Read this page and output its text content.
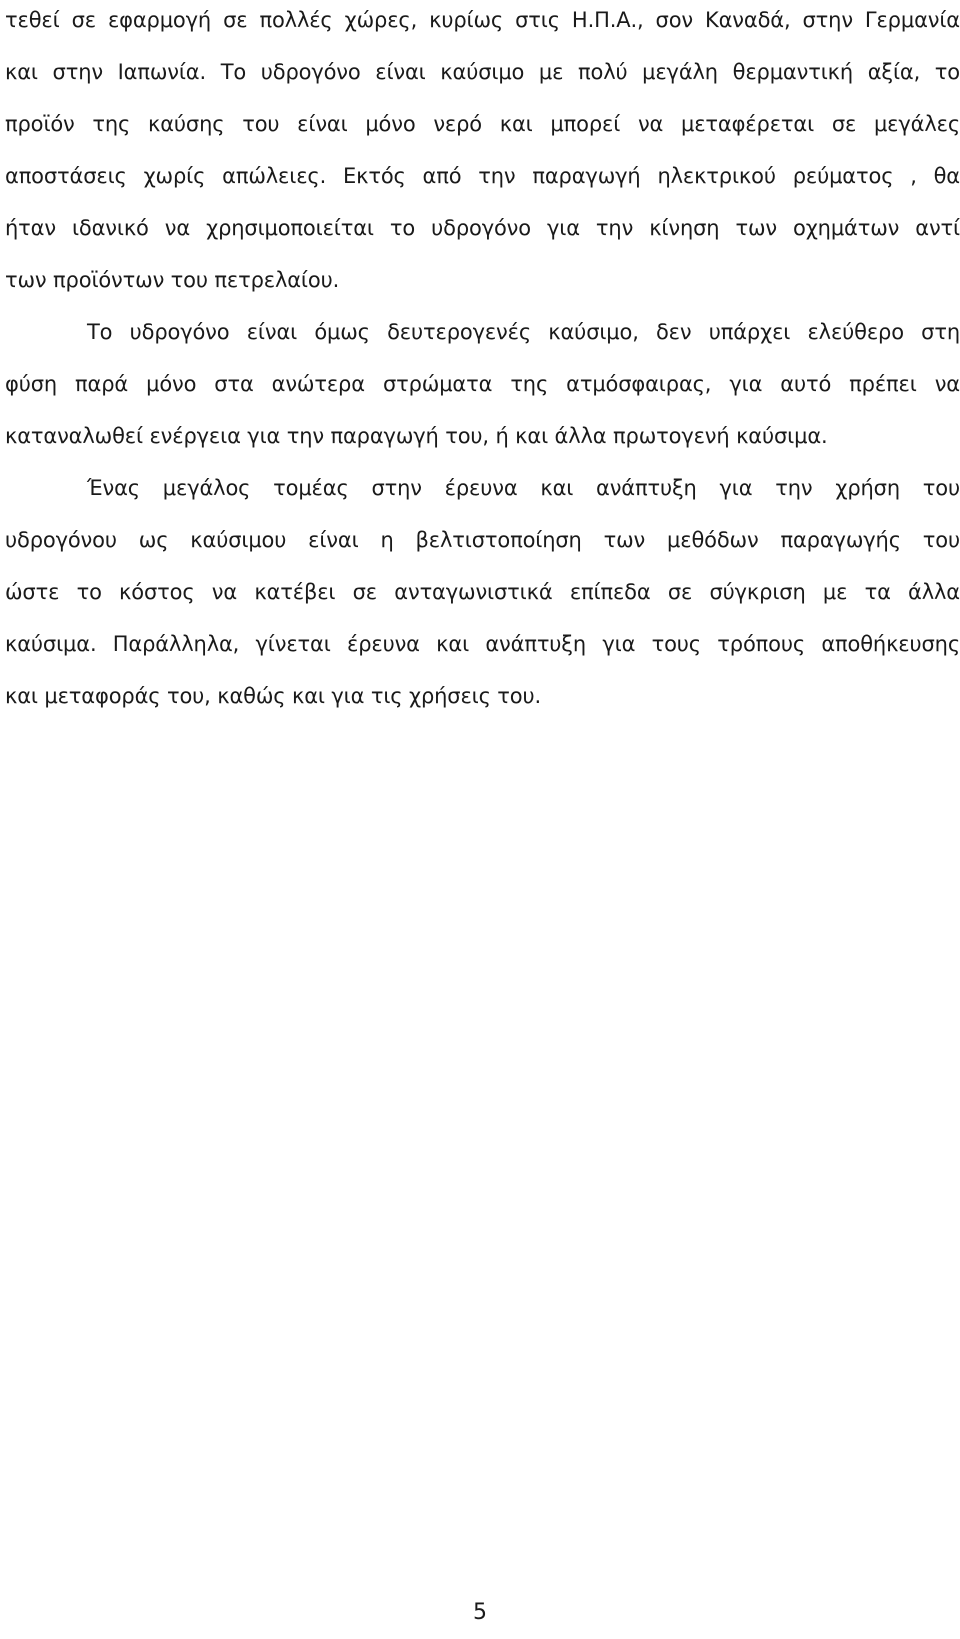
τεθεί σε εφαρμογή σε πολλές χώρες, κυρίως στις Η.Π.Α., σον Καναδά, στην Γερμανία
και στην Ιαπωνία. Το υδρογόνο είναι καύσιμο με πολύ μεγάλη θερμαντική αξία, το
προϊόν της καύσης του είναι μόνο νερό και μπορεί να μεταφέρεται σε μεγάλες
αποστάσεις χωρίς απώλειες. Εκτός από την παραγωγή ηλεκτρικού ρεύματος , θα
ήταν ιδανικό να χρησιμοποιείται το υδρογόνο για την κίνηση των οχημάτων αντί
των προϊόντων του πετρελαίου.
Το υδρογόνο είναι όμως δευτερογενές καύσιμο, δεν υπάρχει ελεύθερο στη
φύση παρά μόνο στα ανώτερα στρώματα της ατμόσφαιρας, για αυτό πρέπει να
καταναλωθεί ενέργεια για την παραγωγή του, ή και άλλα πρωτογενή καύσιμα.
Ένας μεγάλος τομέας στην έρευνα και ανάπτυξη για την χρήση του
υδρογόνου ως καύσιμου είναι η βελτιστοποίηση των μεθόδων παραγωγής του
ώστε το κόστος να κατέβει σε ανταγωνιστικά επίπεδα σε σύγκριση με τα άλλα
καύσιμα. Παράλληλα, γίνεται έρευνα και ανάπτυξη για τους τρόπους αποθήκευσης
και μεταφοράς του, καθώς και για τις χρήσεις του.
5
